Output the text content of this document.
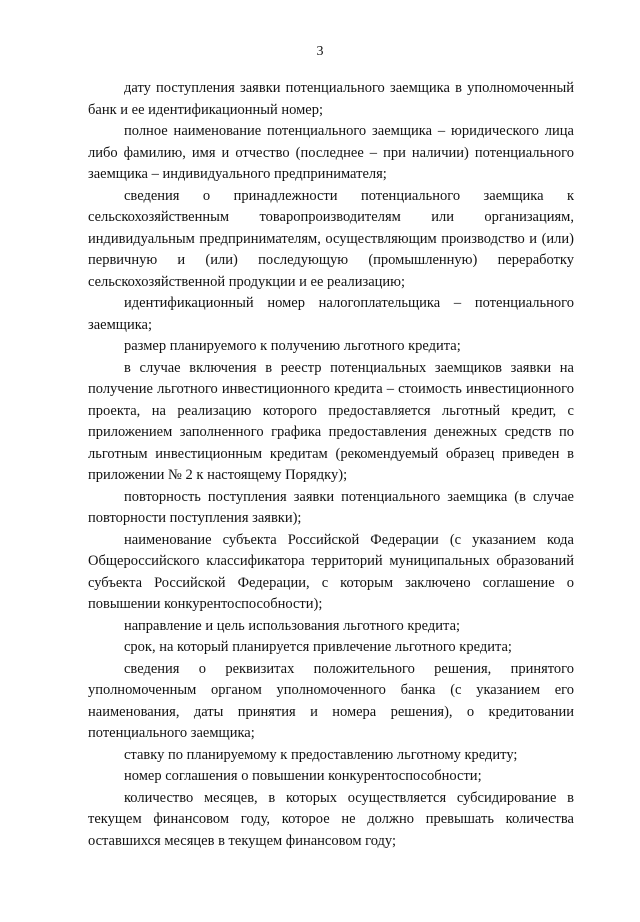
3

дату поступления заявки потенциального заемщика в уполномоченный банк и ее идентификационный номер;

полное наименование потенциального заемщика – юридического лица либо фамилию, имя и отчество (последнее – при наличии) потенциального заемщика – индивидуального предпринимателя;

сведения о принадлежности потенциального заемщика к сельскохозяйственным товаропроизводителям или организациям, индивидуальным предпринимателям, осуществляющим производство и (или) первичную и (или) последующую (промышленную) переработку сельскохозяйственной продукции и ее реализацию;

идентификационный номер налогоплательщика – потенциального заемщика;

размер планируемого к получению льготного кредита;

в случае включения в реестр потенциальных заемщиков заявки на получение льготного инвестиционного кредита – стоимость инвестиционного проекта, на реализацию которого предоставляется льготный кредит, с приложением заполненного графика предоставления денежных средств по льготным инвестиционным кредитам (рекомендуемый образец приведен в приложении № 2 к настоящему Порядку);

повторность поступления заявки потенциального заемщика (в случае повторности поступления заявки);

наименование субъекта Российской Федерации (с указанием кода Общероссийского классификатора территорий муниципальных образований субъекта Российской Федерации, с которым заключено соглашение о повышении конкурентоспособности);

направление и цель использования льготного кредита;

срок, на который планируется привлечение льготного кредита;

сведения о реквизитах положительного решения, принятого уполномоченным органом уполномоченного банка (с указанием его наименования, даты принятия и номера решения), о кредитовании потенциального заемщика;

ставку по планируемому к предоставлению льготному кредиту;

номер соглашения о повышении конкурентоспособности;

количество месяцев, в которых осуществляется субсидирование в текущем финансовом году, которое не должно превышать количества оставшихся месяцев в текущем финансовом году;
